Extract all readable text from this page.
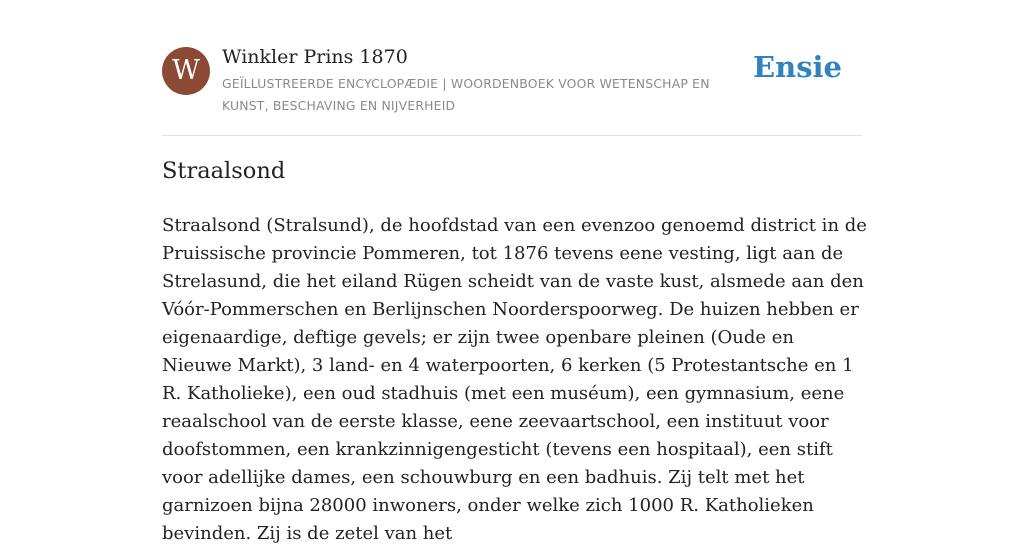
W	Winkler Prins 1870
GEÏLLUSTREERDE ENCYCLOPÆDIE | WOORDENBOEK VOOR WETENSCHAP EN KUNST, BESCHAVING EN NIJVERHEID
Ensie
Straalsond

Straalsond (Stralsund), de hoofdstad van een evenzoo genoemd district in de Pruissische provincie Pommeren, tot 1876 tevens eene vesting, ligt aan de Strelasund, die het eiland Rügen scheidt van de vaste kust, alsmede aan den Vóór-Pommerschen en Berlijnschen Noorderspoorweg. De huizen hebben er eigenaardige, deftige gevels; er zijn twee openbare pleinen (Oude en Nieuwe Markt), 3 land- en 4 waterpoorten, 6 kerken (5 Protestantsche en 1 R. Katholieke), een oud stadhuis (met een muséum), een gymnasium, eene reaalschool van de eerste klasse, eene zeevaartschool, een instituut voor doofstommen, een krankzinnigengesticht (tevens een hospitaal), een stift voor adellijke dames, een schouwburg en een badhuis. Zij telt met het garnizoen bijna 28000 inwoners, onder welke zich 1000 R. Katholieken bevinden. Zij is de zetel van het
